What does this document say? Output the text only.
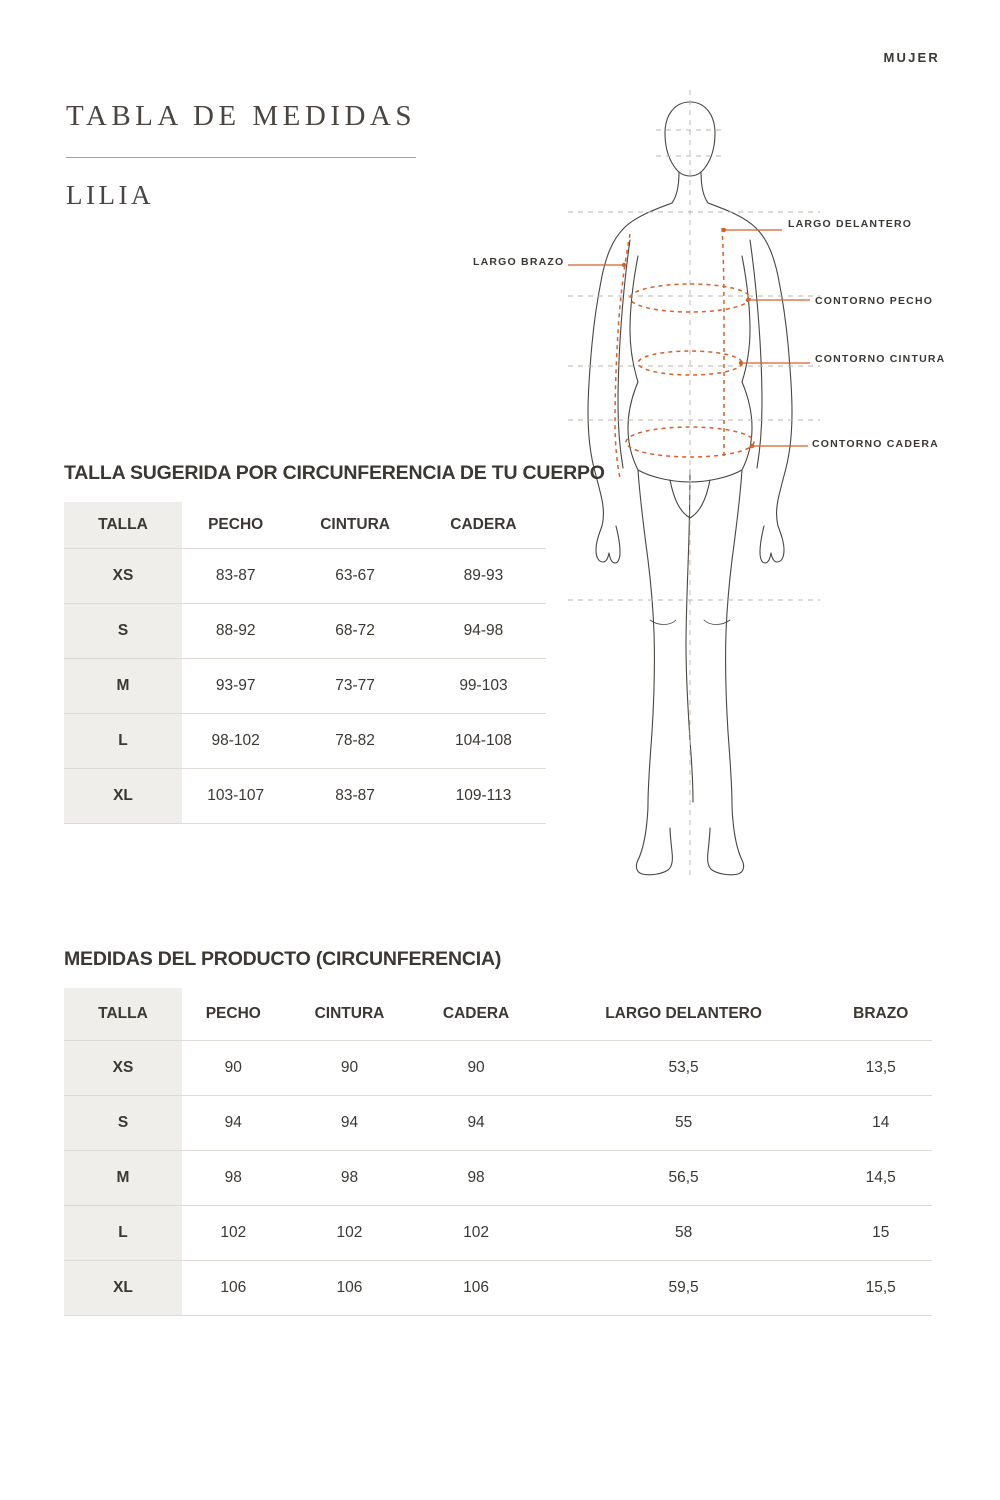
MUJER
TABLA DE MEDIDAS
LILIA
LARGO DELANTERO
CONTORNO PECHO
CONTORNO CINTURA
CONTORNO CADERA
LARGO BRAZO
TALLA SUGERIDA POR CIRCUNFERENCIA DE TU CUERPO
TALLA	PECHO	CINTURA	CADERA
XS	83-87	63-67	89-93
S	88-92	68-72	94-98
M	93-97	73-77	99-103
L	98-102	78-82	104-108
XL	103-107	83-87	109-113
MEDIDAS DEL PRODUCTO (CIRCUNFERENCIA)
TALLA	PECHO	CINTURA	CADERA	LARGO DELANTERO	BRAZO
XS	90	90	90	53,5	13,5
S	94	94	94	55	14
M	98	98	98	56,5	14,5
L	102	102	102	58	15
XL	106	106	106	59,5	15,5
